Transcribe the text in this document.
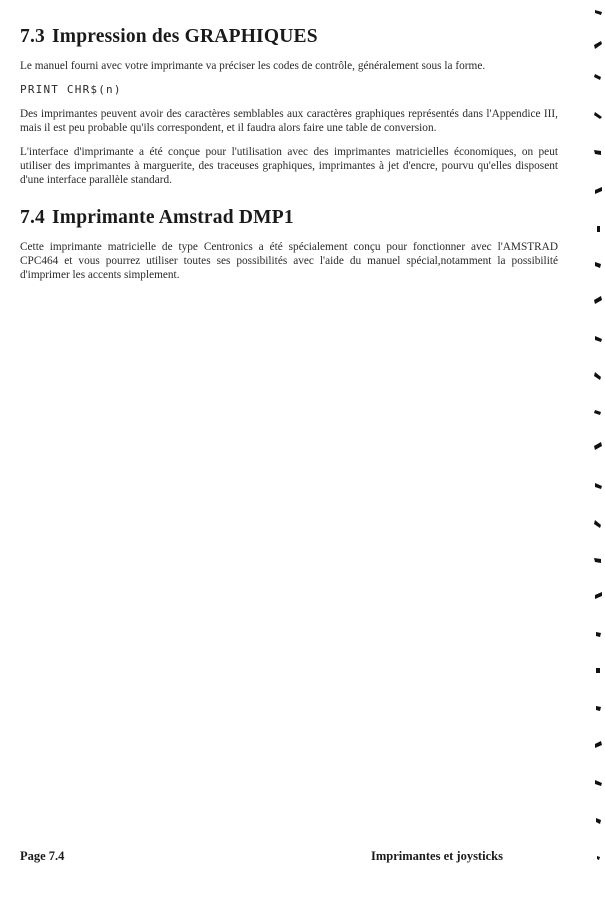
7.3 Impression des GRAPHIQUES

Le manuel fourni avec votre imprimante va préciser les codes de contrôle, généralement sous la forme.

PRINT CHR$(n)

Des imprimantes peuvent avoir des caractères semblables aux caractères graphiques représentés dans l'Appendice III, mais il est peu probable qu'ils correspondent, et il faudra alors faire une table de conversion.

L'interface d'imprimante a été conçue pour l'utilisation avec des imprimantes matricielles économiques, on peut utiliser des imprimantes à marguerite, des traceuses graphiques, imprimantes à jet d'encre, pourvu qu'elles disposent d'une interface parallèle standard.

7.4 Imprimante Amstrad DMP1

Cette imprimante matricielle de type Centronics a été spécialement conçu pour fonctionner avec l'AMSTRAD CPC464 et vous pourrez utiliser toutes ses possibilités avec l'aide du manuel spécial,notamment la possibilité d'imprimer les accents simplement.

Page 7.4	Imprimantes et joysticks
